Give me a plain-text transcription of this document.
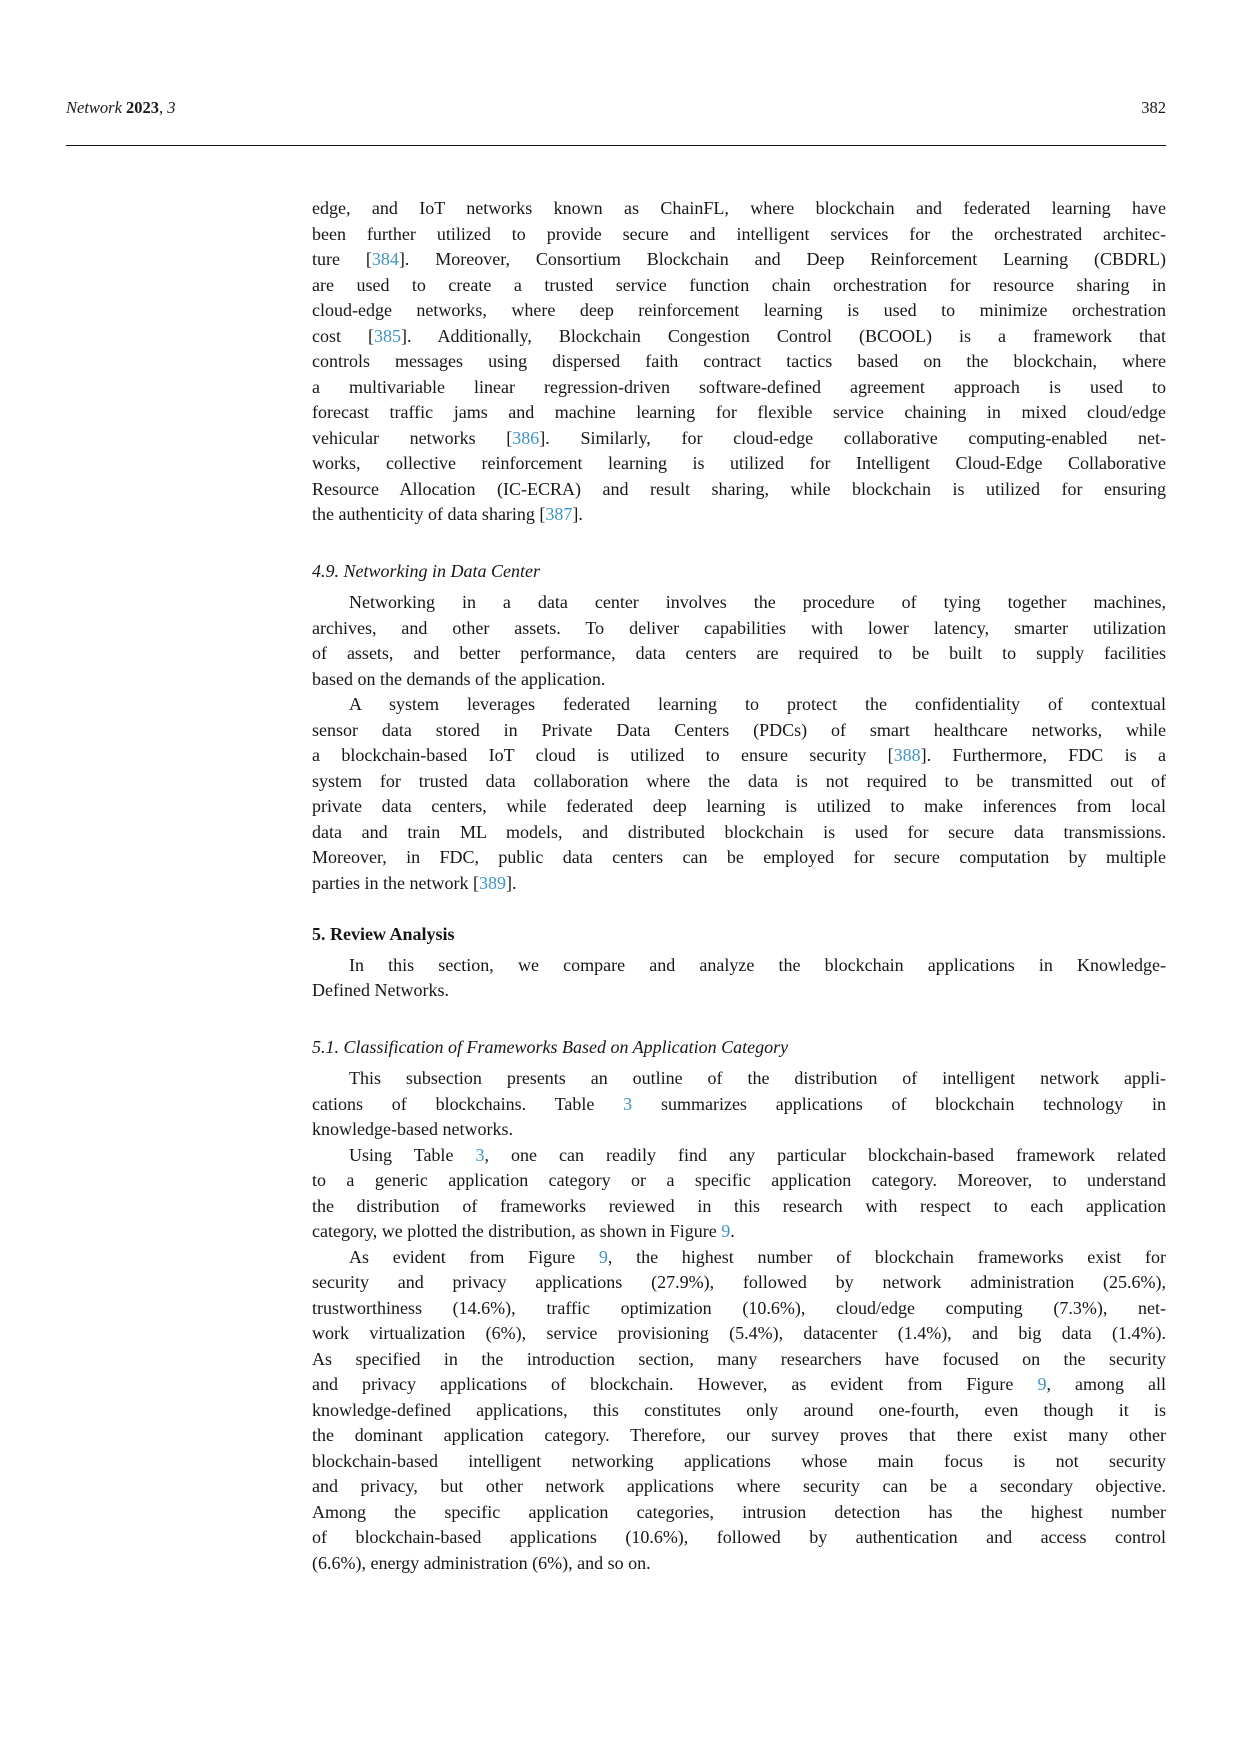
Network 2023, 3	382
edge, and IoT networks known as ChainFL, where blockchain and federated learning have
been further utilized to provide secure and intelligent services for the orchestrated architec-
ture [384]. Moreover, Consortium Blockchain and Deep Reinforcement Learning (CBDRL)
are used to create a trusted service function chain orchestration for resource sharing in
cloud-edge networks, where deep reinforcement learning is used to minimize orchestration
cost [385]. Additionally, Blockchain Congestion Control (BCOOL) is a framework that
controls messages using dispersed faith contract tactics based on the blockchain, where
a multivariable linear regression-driven software-defined agreement approach is used to
forecast traffic jams and machine learning for flexible service chaining in mixed cloud/edge
vehicular networks [386]. Similarly, for cloud-edge collaborative computing-enabled net-
works, collective reinforcement learning is utilized for Intelligent Cloud-Edge Collaborative
Resource Allocation (IC-ECRA) and result sharing, while blockchain is utilized for ensuring
the authenticity of data sharing [387].
4.9. Networking in Data Center
Networking in a data center involves the procedure of tying together machines,
archives, and other assets. To deliver capabilities with lower latency, smarter utilization
of assets, and better performance, data centers are required to be built to supply facilities
based on the demands of the application.
A system leverages federated learning to protect the confidentiality of contextual
sensor data stored in Private Data Centers (PDCs) of smart healthcare networks, while
a blockchain-based IoT cloud is utilized to ensure security [388]. Furthermore, FDC is a
system for trusted data collaboration where the data is not required to be transmitted out of
private data centers, while federated deep learning is utilized to make inferences from local
data and train ML models, and distributed blockchain is used for secure data transmissions.
Moreover, in FDC, public data centers can be employed for secure computation by multiple
parties in the network [389].
5. Review Analysis
In this section, we compare and analyze the blockchain applications in Knowledge-
Defined Networks.
5.1. Classification of Frameworks Based on Application Category
This subsection presents an outline of the distribution of intelligent network appli-
cations of blockchains. Table 3 summarizes applications of blockchain technology in
knowledge-based networks.
Using Table 3, one can readily find any particular blockchain-based framework related
to a generic application category or a specific application category. Moreover, to understand
the distribution of frameworks reviewed in this research with respect to each application
category, we plotted the distribution, as shown in Figure 9.
As evident from Figure 9, the highest number of blockchain frameworks exist for
security and privacy applications (27.9%), followed by network administration (25.6%),
trustworthiness (14.6%), traffic optimization (10.6%), cloud/edge computing (7.3%), net-
work virtualization (6%), service provisioning (5.4%), datacenter (1.4%), and big data (1.4%).
As specified in the introduction section, many researchers have focused on the security
and privacy applications of blockchain. However, as evident from Figure 9, among all
knowledge-defined applications, this constitutes only around one-fourth, even though it is
the dominant application category. Therefore, our survey proves that there exist many other
blockchain-based intelligent networking applications whose main focus is not security
and privacy, but other network applications where security can be a secondary objective.
Among the specific application categories, intrusion detection has the highest number
of blockchain-based applications (10.6%), followed by authentication and access control
(6.6%), energy administration (6%), and so on.
